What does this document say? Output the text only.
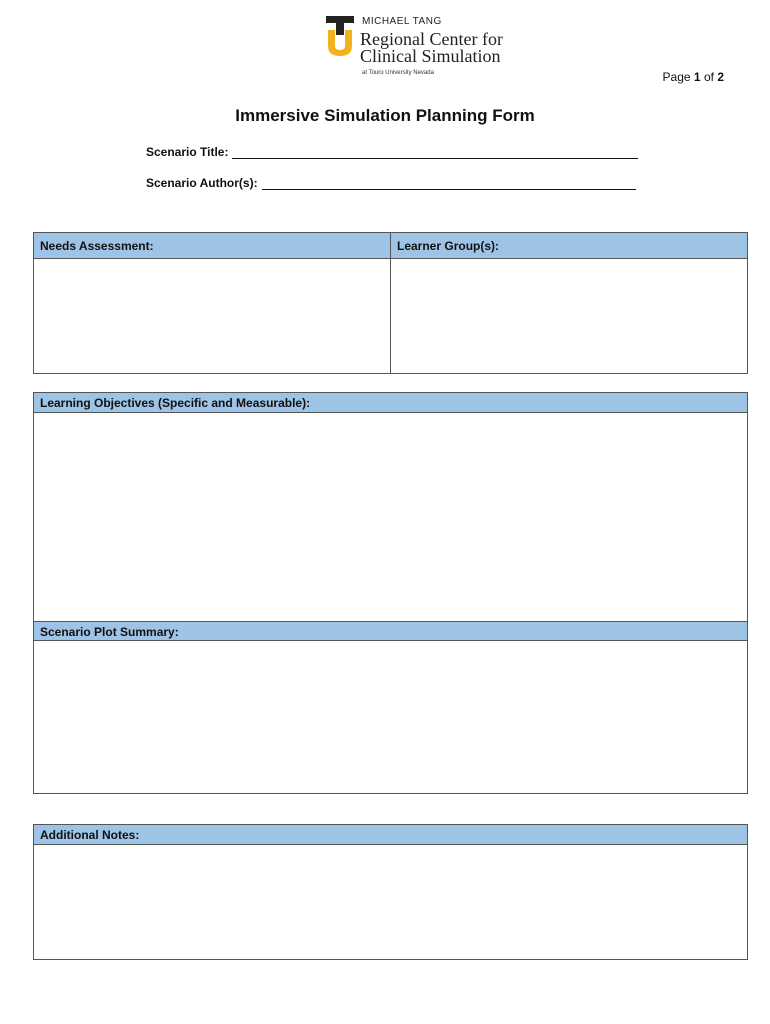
MICHAEL TANG
Regional Center for
Clinical Simulation
at Touro University Nevada	Page 1 of 2
Immersive Simulation Planning Form
Scenario Title:
Scenario Author(s):
Needs Assessment:	Learner Group(s):
Learning Objectives (Specific and Measurable):
Scenario Plot Summary:
Additional Notes:
